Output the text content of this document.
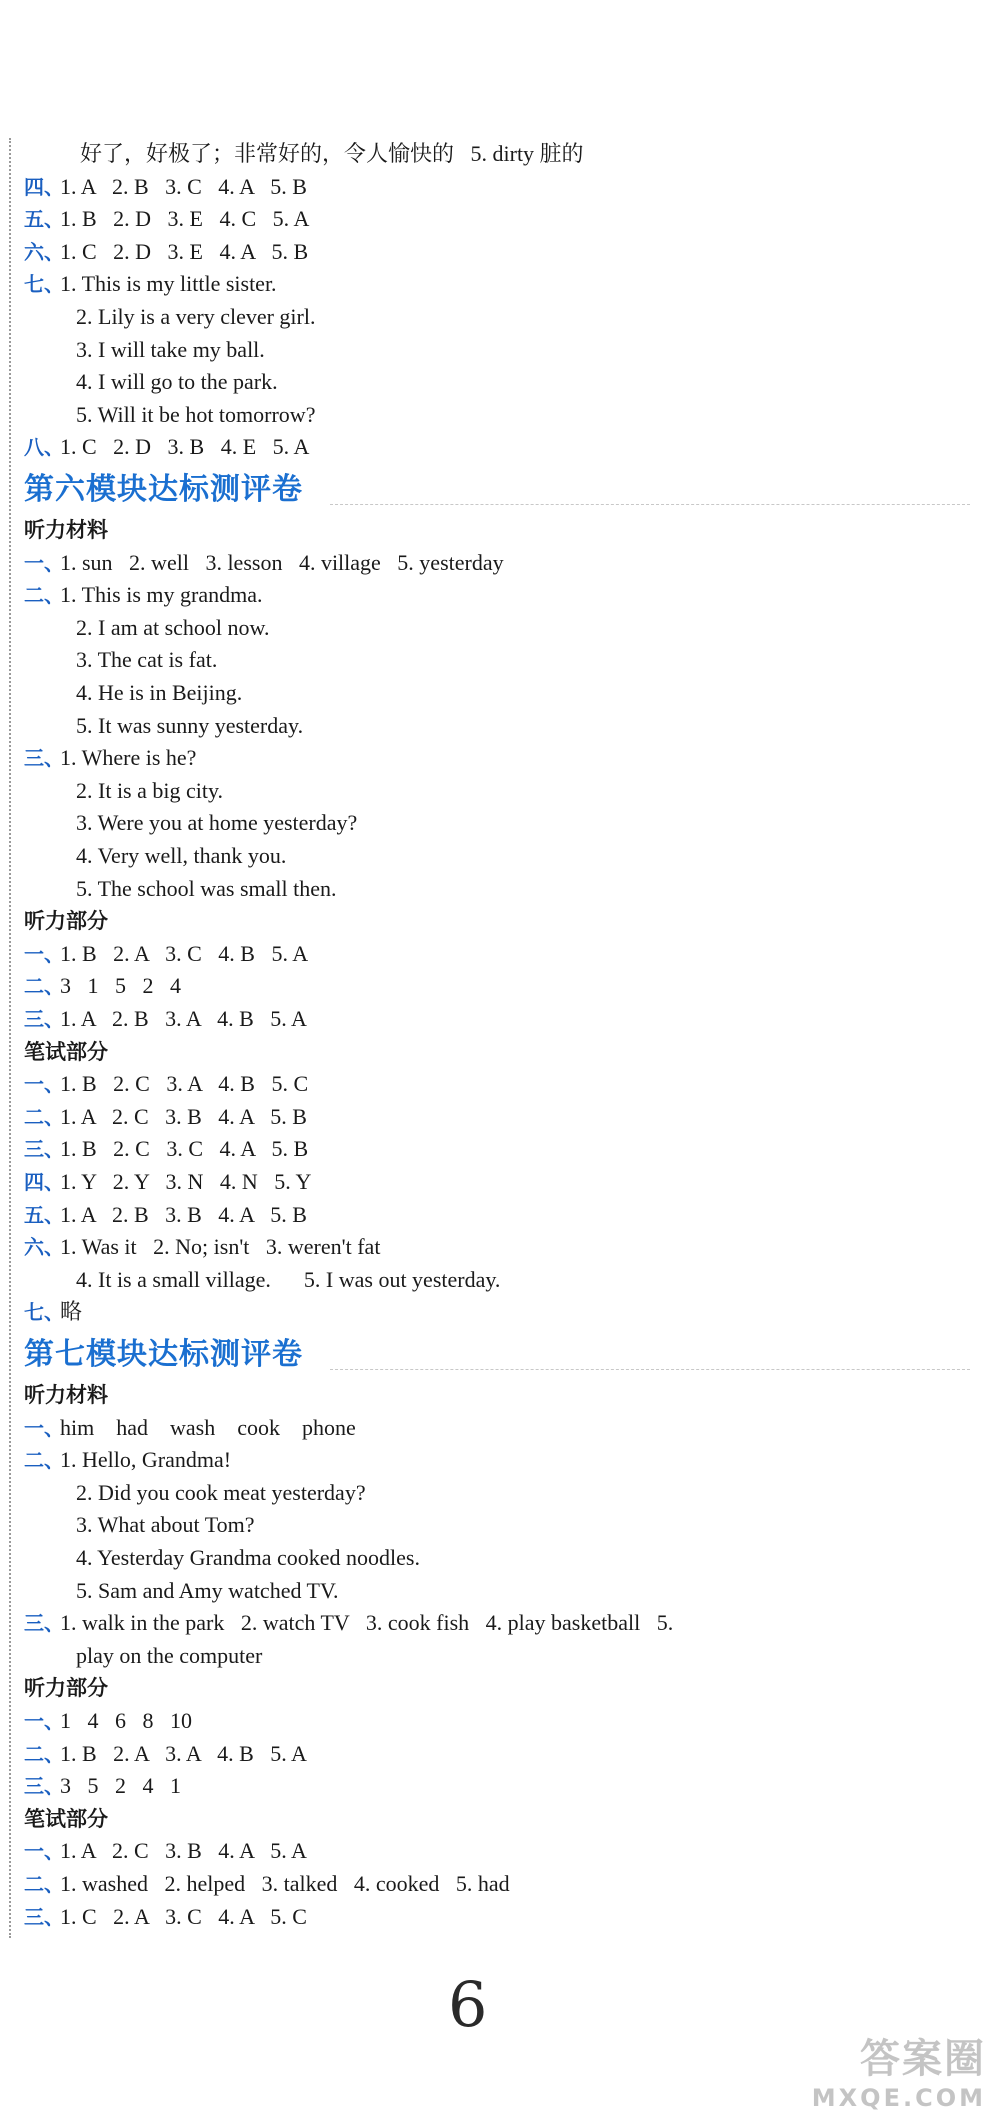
好了，好极了；非常好的，令人愉快的   5. dirty 脏的
四、1. A   2. B   3. C   4. A   5. B
五、1. B   2. D   3. E   4. C   5. A
六、1. C   2. D   3. E   4. A   5. B
七、1. This is my little sister.
2. Lily is a very clever girl.
3. I will take my ball.
4. I will go to the park.
5. Will it be hot tomorrow?
八、1. C   2. D   3. B   4. E   5. A
第六模块达标测评卷
听力材料
一、1. sun   2. well   3. lesson   4. village   5. yesterday
二、1. This is my grandma.
2. I am at school now.
3. The cat is fat.
4. He is in Beijing.
5. It was sunny yesterday.
三、1. Where is he?
2. It is a big city.
3. Were you at home yesterday?
4. Very well, thank you.
5. The school was small then.
听力部分
一、1. B   2. A   3. C   4. B   5. A
二、3   1   5   2   4
三、1. A   2. B   3. A   4. B   5. A
笔试部分
一、1. B   2. C   3. A   4. B   5. C
二、1. A   2. C   3. B   4. A   5. B
三、1. B   2. C   3. C   4. A   5. B
四、1. Y   2. Y   3. N   4. N   5. Y
五、1. A   2. B   3. B   4. A   5. B
六、1. Was it   2. No; isn't   3. weren't fat
4. It is a small village.      5. I was out yesterday.
七、略
第七模块达标测评卷
听力材料
一、him    had    wash    cook    phone
二、1. Hello, Grandma!
2. Did you cook meat yesterday?
3. What about Tom?
4. Yesterday Grandma cooked noodles.
5. Sam and Amy watched TV.
三、1. walk in the park   2. watch TV   3. cook fish   4. play basketball   5.
play on the computer
听力部分
一、1   4   6   8   10
二、1. B   2. A   3. A   4. B   5. A
三、3   5   2   4   1
笔试部分
一、1. A   2. C   3. B   4. A   5. A
二、1. washed   2. helped   3. talked   4. cooked   5. had
三、1. C   2. A   3. C   4. A   5. C
6
答案圈
MXQE.COM
